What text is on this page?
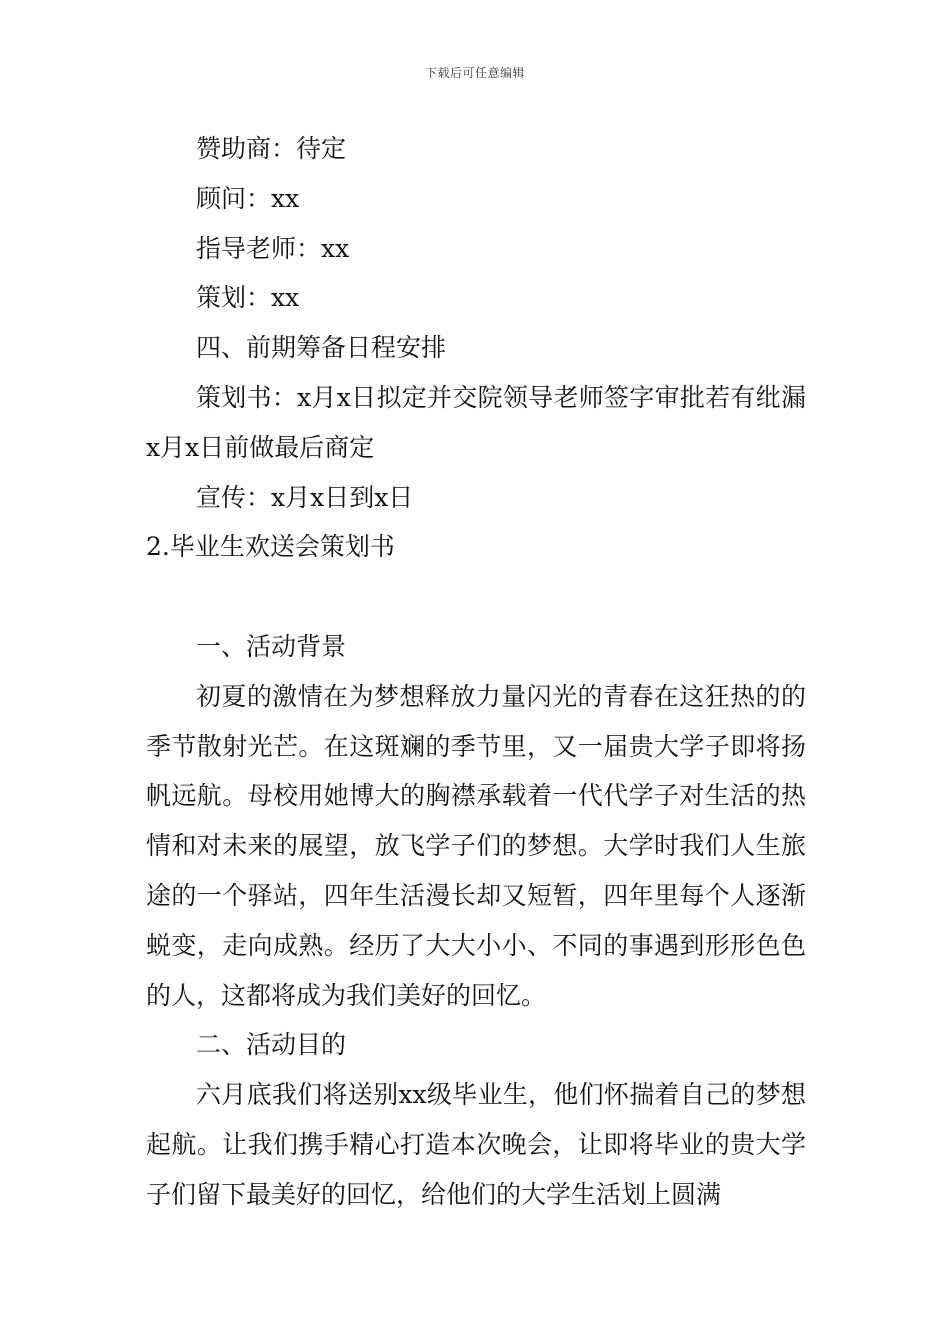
下载后可任意编辑

赞助商：待定

顾问：xx

指导老师：xx

策划：xx

四、前期筹备日程安排

策划书：x月x日拟定并交院领导老师签字审批若有纰漏x月x日前做最后商定

宣传：x月x日到x日

2.毕业生欢送会策划书

一、活动背景

初夏的激情在为梦想释放力量闪光的青春在这狂热的的季节散射光芒。在这斑斓的季节里，又一届贵大学子即将扬帆远航。母校用她博大的胸襟承载着一代代学子对生活的热情和对未来的展望，放飞学子们的梦想。大学时我们人生旅途的一个驿站，四年生活漫长却又短暂，四年里每个人逐渐蜕变，走向成熟。经历了大大小小、不同的事遇到形形色色的人，这都将成为我们美好的回忆。

二、活动目的

六月底我们将送别xx级毕业生，他们怀揣着自己的梦想起航。让我们携手精心打造本次晚会，让即将毕业的贵大学子们留下最美好的回忆，给他们的大学生活划上圆满
